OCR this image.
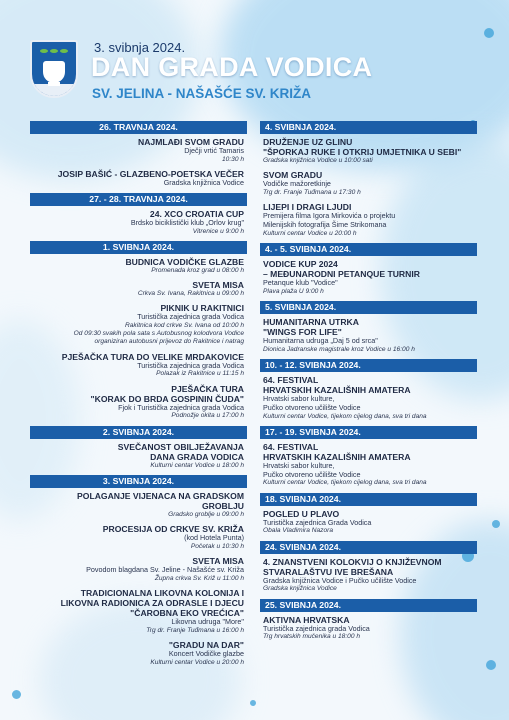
3. svibnja 2024.
DAN GRADA VODICA
SV. JELINA - NAŠAŠĆE SV. KRIŽA
26. TRAVNJA 2024.
NAJMLAĐI SVOM GRADU
Dječji vrtić Tamaris
10:30 h
JOSIP BAŠIĆ - GLAZBENO-POETSKA VEČER
Gradska knjižnica Vodice
27. - 28. TRAVNJA 2024.
24. XCO CROATIA CUP
Brdsko biciklistički klub „Orlov krug"
Vitrenice u 9:00 h
1. SVIBNJA 2024.
BUDNICA VODIČKE GLAZBE
Promenada kroz grad u 08:00 h
SVETA MISA
Crkva Sv. Ivana, Rakitnica u 09:00 h
PIKNIK U RAKITNICI
Turistička zajednica grada Vodica
Rakitnica kod crkve Sv. Ivana od 10:00 h
Od 09:30 svakih pola sata s Autobusnog kolodvora Vodice
organiziran autobusni prijevoz do Rakitnice i natrag
PJEŠAČKA TURA DO VELIKE MRDAKOVICE
Turistička zajednica grada Vodica
Polazak iz Rakitnice u 11:15 h
PJEŠAČKA TURA
"KORAK DO BRDA GOSPININ ČUDA"
Fjok i Turistička zajednica grada Vodica
Podnožje okita u 17:00 h
2. SVIBNJA 2024.
SVEČANOST OBILJEŽAVANJA
DANA GRADA VODICA
Kulturni centar Vodice u 18:00 h
3. SVIBNJA 2024.
POLAGANJE VIJENACA NA GRADSKOM GROBLJU
Gradsko groblje u 09:00 h
PROCESIJA OD CRKVE SV. KRIŽA
(kod Hotela Punta)
Početak u 10:30 h
SVETA MISA
Povodom blagdana Sv. Jeline - Našašće sv. Križa
Župna crkva Sv. Križ u 11:00 h
TRADICIONALNA LIKOVNA KOLONIJA I
LIKOVNA RADIONICA ZA ODRASLE I DJECU
"ČAROBNA EKO VREĆICA"
Likovna udruga "More"
Trg dr. Franje Tuđmana u 16:00 h
"GRADU NA DAR"
Koncert Vodičke glazbe
Kulturni centar Vodice u 20:00 h
4. SVIBNJA 2024.
DRUŽENJE UZ GLINU
"ŠPORKAJ RUKE I OTKRIJ UMJETNIKA U SEBI"
Gradska knjižnica Vodice u 10:00 sati
SVOM GRADU
Vodičke mažoretkinje
Trg dr. Franje Tuđmana u 17:30 h
LIJEPI I DRAGI LJUDI
Premijera filma Igora Mirkovića o projektu
Milenijskih fotografija Šime Strikomana
Kulturni centar Vodice u 20:00 h
4. - 5. SVIBNJA 2024.
VODICE KUP 2024
– MEĐUNARODNI PETANQUE TURNIR
Petanque klub "Vodice"
Plava plaža U 9:00 h
5. SVIBNJA 2024.
HUMANITARNA UTRKA
"WINGS FOR LIFE"
Humanitarna udruga „Daj 5 od srca"
Dionica Jadranske magistrale kroz Vodice u 16:00 h
10. - 12. SVIBNJA 2024.
64. FESTIVAL
HRVATSKIH KAZALIŠNIH AMATERA
Hrvatski sabor kulture,
Pučko otvoreno učilište Vodice
Kulturni centar Vodice, tijekom cijelog dana, sva tri dana
17. - 19. SVIBNJA 2024.
64. FESTIVAL
HRVATSKIH KAZALIŠNIH AMATERA
Hrvatski sabor kulture,
Pučko otvoreno učilište Vodice
Kulturni centar Vodice, tijekom cijelog dana, sva tri dana
18. SVIBNJA 2024.
POGLED U PLAVO
Turistička zajednica Grada Vodica
Obala Vladimira Nazora
24. SVIBNJA 2024.
4. ZNANSTVENI KOLOKVIJ O KNJIŽEVNOM
STVARALAŠTVU IVE BREŠANA
Gradska knjižnica Vodice i Pučko učilište Vodice
Gradska knjižnica Vodice
25. SVIBNJA 2024.
AKTIVNA HRVATSKA
Turistička zajednica grada Vodica
Trg hrvatskih mučenika u 18:00 h
